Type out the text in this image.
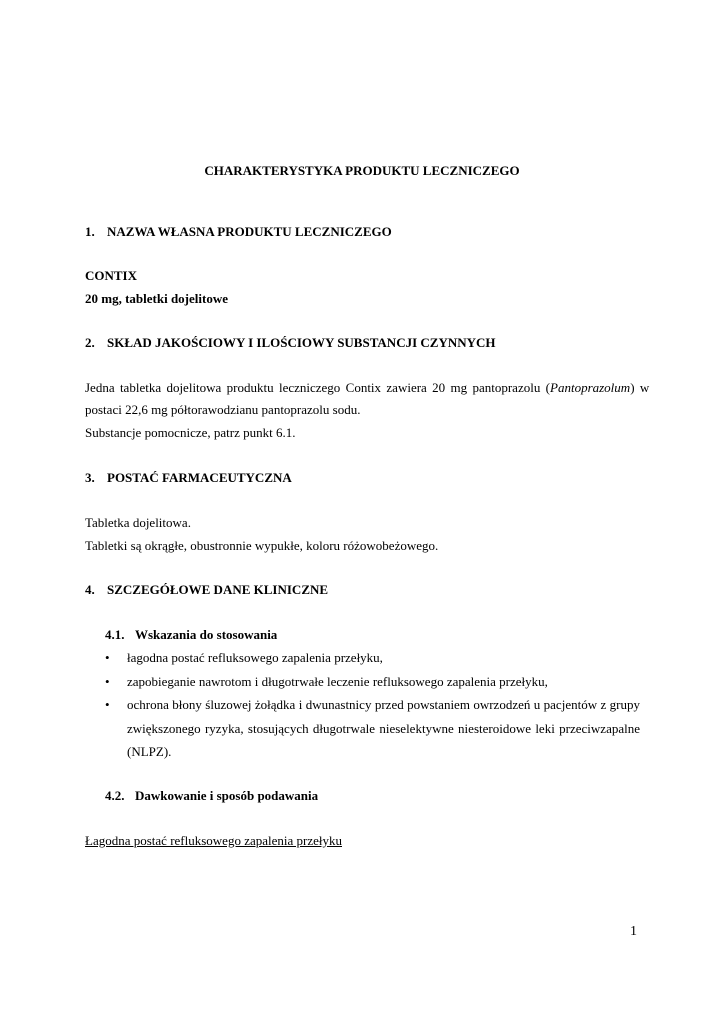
CHARAKTERYSTYKA PRODUKTU LECZNICZEGO
1. NAZWA WŁASNA PRODUKTU LECZNICZEGO
CONTIX
20 mg, tabletki dojelitowe
2. SKŁAD JAKOŚCIOWY I ILOŚCIOWY SUBSTANCJI CZYNNYCH
Jedna tabletka dojelitowa produktu leczniczego Contix zawiera 20 mg pantoprazolu (Pantoprazolum) w
postaci 22,6 mg półtorawodzianu pantoprazolu sodu.
Substancje pomocnicze, patrz punkt 6.1.
3. POSTAĆ FARMACEUTYCZNA
Tabletka dojelitowa.
Tabletki są okrągłe, obustronnie wypukłe, koloru różowobeżowego.
4. SZCZEGÓŁOWE DANE KLINICZNE
4.1. Wskazania do stosowania
• łagodna postać refluksowego zapalenia przełyku,
• zapobieganie nawrotom i długotrwałe leczenie refluksowego zapalenia przełyku,
• ochrona błony śluzowej żołądka i dwunastnicy przed powstaniem owrzodzeń u pacjentów z grupy
zwiększonego ryzyka, stosujących długotrwale nieselektywne niesteroidowe leki przeciwzapalne
(NLPZ).
4.2. Dawkowanie i sposób podawania
Łagodna postać refluksowego zapalenia przełyku
1
